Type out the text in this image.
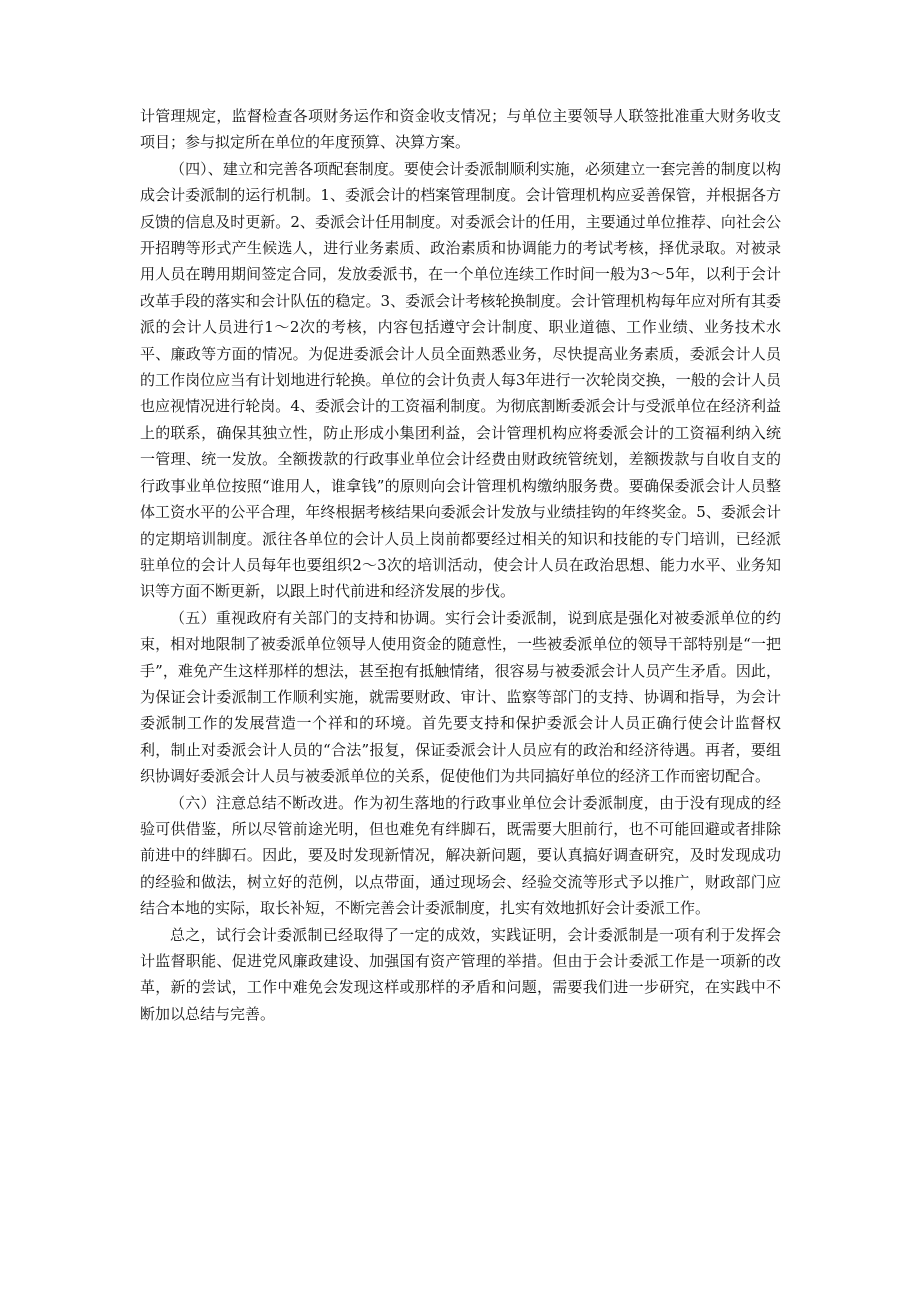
计管理规定，监督检查各项财务运作和资金收支情况；与单位主要领导人联签批准重大财务收支项目；参与拟定所在单位的年度预算、决算方案。

（四）、建立和完善各项配套制度。要使会计委派制顺利实施，必须建立一套完善的制度以构成会计委派制的运行机制。1、委派会计的档案管理制度。会计管理机构应妥善保管，并根据各方反馈的信息及时更新。2、委派会计任用制度。对委派会计的任用，主要通过单位推荐、向社会公开招聘等形式产生候选人，进行业务素质、政治素质和协调能力的考试考核，择优录取。对被录用人员在聘用期间签定合同，发放委派书，在一个单位连续工作时间一般为3～5年，以利于会计改革手段的落实和会计队伍的稳定。3、委派会计考核轮换制度。会计管理机构每年应对所有其委派的会计人员进行1～2次的考核，内容包括遵守会计制度、职业道德、工作业绩、业务技术水平、廉政等方面的情况。为促进委派会计人员全面熟悉业务，尽快提高业务素质，委派会计人员的工作岗位应当有计划地进行轮换。单位的会计负责人每3年进行一次轮岗交换，一般的会计人员也应视情况进行轮岗。4、委派会计的工资福利制度。为彻底割断委派会计与受派单位在经济利益上的联系，确保其独立性，防止形成小集团利益，会计管理机构应将委派会计的工资福利纳入统一管理、统一发放。全额拨款的行政事业单位会计经费由财政统管统划，差额拨款与自收自支的行政事业单位按照“谁用人，谁拿钱”的原则向会计管理机构缴纳服务费。要确保委派会计人员整体工资水平的公平合理，年终根据考核结果向委派会计发放与业绩挂钩的年终奖金。5、委派会计的定期培训制度。派往各单位的会计人员上岗前都要经过相关的知识和技能的专门培训，已经派驻单位的会计人员每年也要组织2～3次的培训活动，使会计人员在政治思想、能力水平、业务知识等方面不断更新，以跟上时代前进和经济发展的步伐。

（五）重视政府有关部门的支持和协调。实行会计委派制，说到底是强化对被委派单位的约束，相对地限制了被委派单位领导人使用资金的随意性，一些被委派单位的领导干部特别是“一把手”，难免产生这样那样的想法，甚至抱有抵触情绪，很容易与被委派会计人员产生矛盾。因此，为保证会计委派制工作顺利实施，就需要财政、审计、监察等部门的支持、协调和指导，为会计委派制工作的发展营造一个祥和的环境。首先要支持和保护委派会计人员正确行使会计监督权利，制止对委派会计人员的“合法”报复，保证委派会计人员应有的政治和经济待遇。再者，要组织协调好委派会计人员与被委派单位的关系，促使他们为共同搞好单位的经济工作而密切配合。

（六）注意总结不断改进。作为初生落地的行政事业单位会计委派制度，由于没有现成的经验可供借鉴，所以尽管前途光明，但也难免有绊脚石，既需要大胆前行，也不可能回避或者排除前进中的绊脚石。因此，要及时发现新情况，解决新问题，要认真搞好调查研究，及时发现成功的经验和做法，树立好的范例，以点带面，通过现场会、经验交流等形式予以推广，财政部门应结合本地的实际，取长补短，不断完善会计委派制度，扎实有效地抓好会计委派工作。

总之，试行会计委派制已经取得了一定的成效，实践证明，会计委派制是一项有利于发挥会计监督职能、促进党风廉政建设、加强国有资产管理的举措。但由于会计委派工作是一项新的改革，新的尝试，工作中难免会发现这样或那样的矛盾和问题，需要我们进一步研究，在实践中不断加以总结与完善。
